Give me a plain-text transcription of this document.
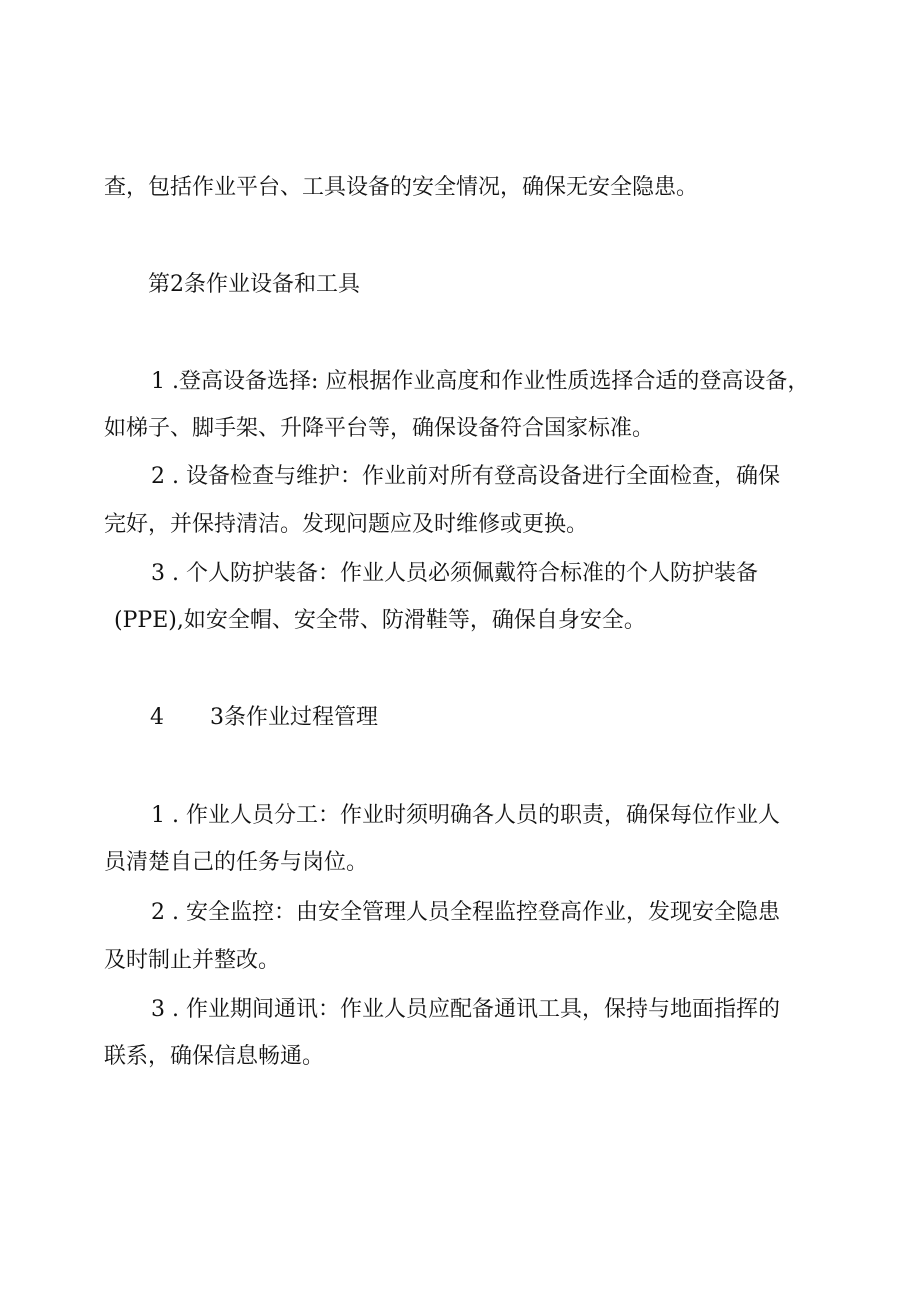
查，包括作业平台、工具设备的安全情况，确保无安全隐患。
第2条作业设备和工具
1 .登高设备选择: 应根据作业高度和作业性质选择合适的登高设备，
如梯子、脚手架、升降平台等，确保设备符合国家标准。
2 . 设备检查与维护：作业前对所有登高设备进行全面检查，确保
完好，并保持清洁。发现问题应及时维修或更换。
3 . 个人防护装备：作业人员必须佩戴符合标准的个人防护装备
(PPE),如安全帽、安全带、防滑鞋等，确保自身安全。
4 3条作业过程管理
1 . 作业人员分工：作业时须明确各人员的职责，确保每位作业人
员清楚自己的任务与岗位。
2 . 安全监控：由安全管理人员全程监控登高作业，发现安全隐患
及时制止并整改。
3 . 作业期间通讯：作业人员应配备通讯工具，保持与地面指挥的
联系，确保信息畅通。
